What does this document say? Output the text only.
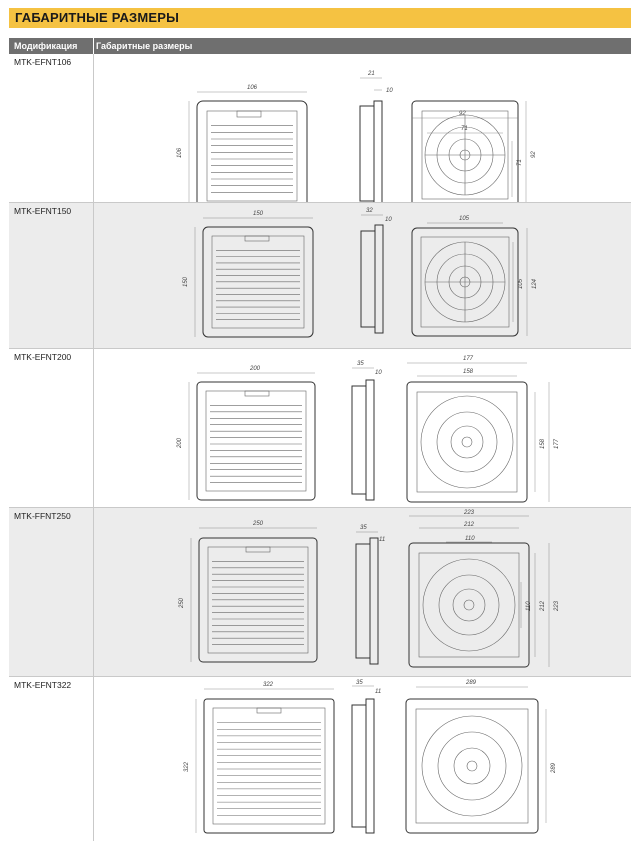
ГАБАРИТНЫЕ РАЗМЕРЫ
Модификация Габаритные размеры
MTK-EFNT106
106
106
21
10
92
71
71
92
MTK-EFNT150	150
150
32
10	105
105 124
MTK-EFNT200
200
200
35
10
177
158
158 177
MTK-FFNT250
250
250
35
11
223
212
110
110 212 223
MTK-EFNT322	322
322
35
11
289
289
